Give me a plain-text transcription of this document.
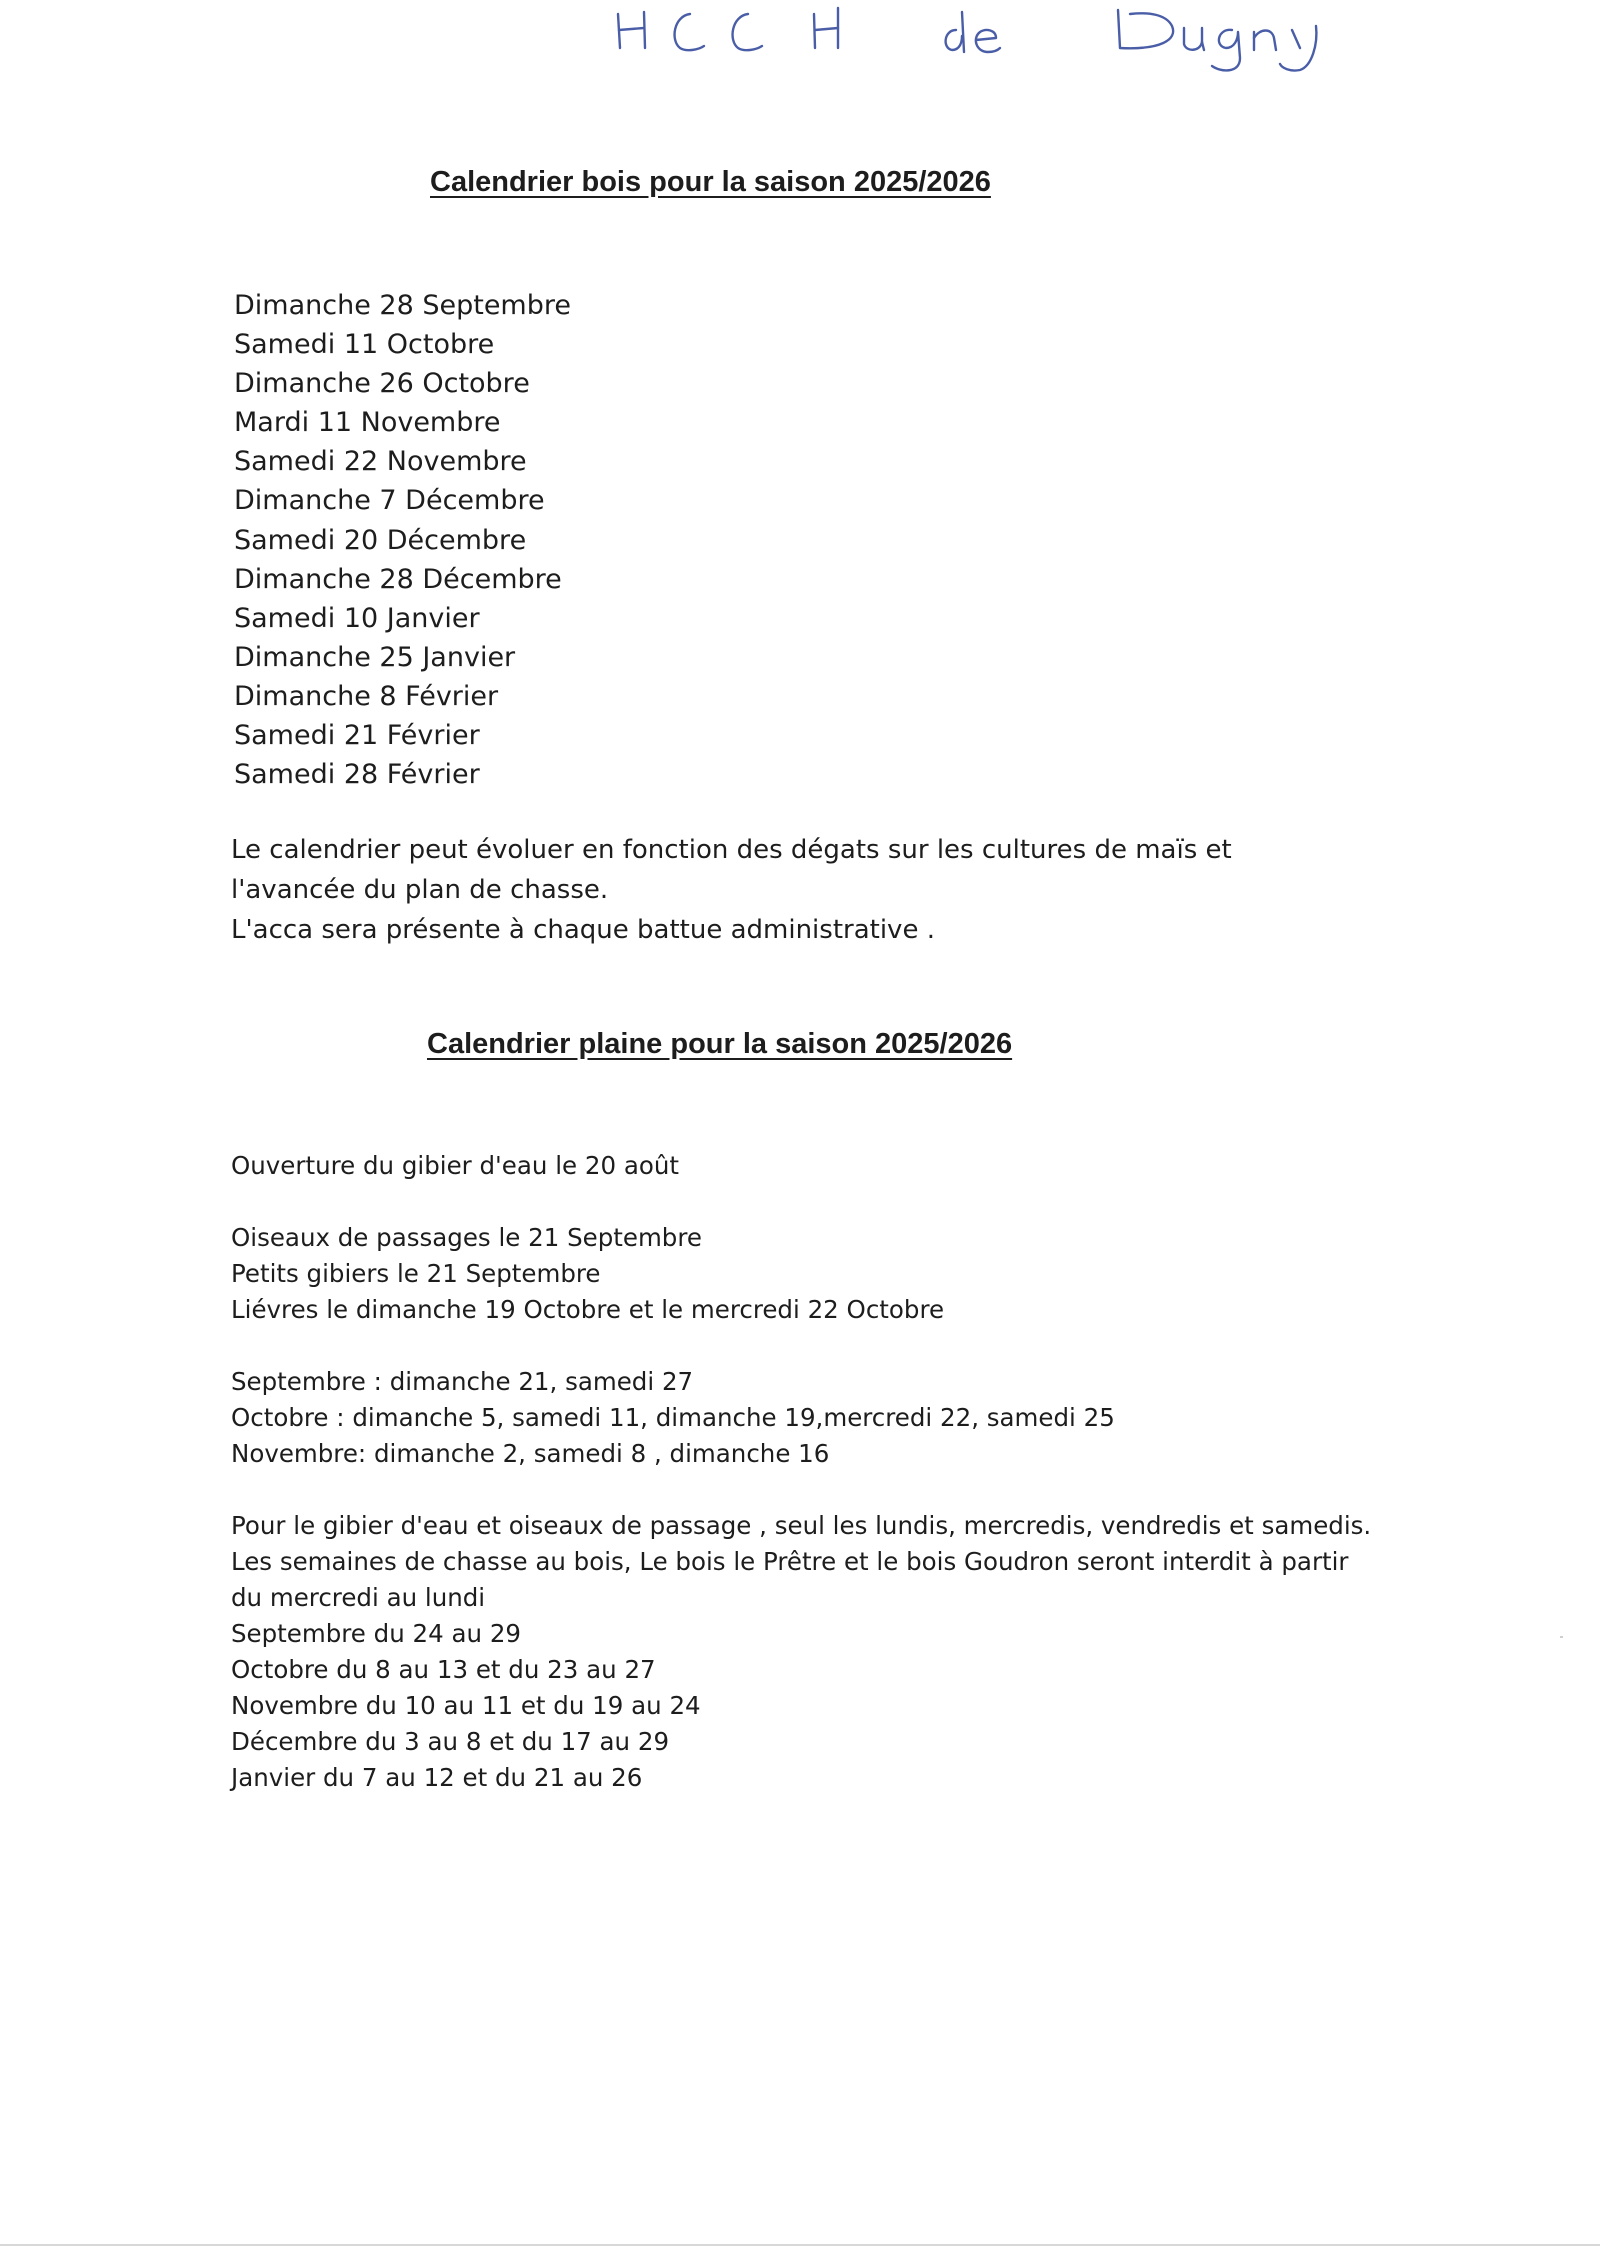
Calendrier bois pour la saison 2025/2026
Dimanche 28 Septembre
Samedi 11 Octobre
Dimanche 26 Octobre
Mardi 11 Novembre
Samedi 22 Novembre
Dimanche 7 Décembre
Samedi 20 Décembre
Dimanche 28 Décembre
Samedi 10 Janvier
Dimanche 25 Janvier
Dimanche 8 Février
Samedi 21 Février
Samedi 28 Février
Le calendrier peut évoluer en fonction des dégats sur les cultures de maïs et
l'avancée du plan de chasse.
L'acca sera présente à chaque battue administrative .
Calendrier plaine pour la saison 2025/2026
Ouverture du gibier d'eau le 20 août
Oiseaux de passages le 21 Septembre
Petits gibiers le 21 Septembre
Liévres le dimanche 19 Octobre et le mercredi 22 Octobre
Septembre : dimanche 21, samedi 27
Octobre : dimanche 5, samedi 11, dimanche 19,mercredi 22, samedi 25
Novembre: dimanche 2, samedi 8 , dimanche 16
Pour le gibier d'eau et oiseaux de passage , seul les lundis, mercredis, vendredis et samedis.
Les semaines de chasse au bois, Le bois le Prêtre et le bois Goudron seront interdit à partir
du mercredi au lundi
Septembre du 24 au 29
Octobre du 8 au 13 et du 23 au 27
Novembre du 10 au 11 et du 19 au 24
Décembre du 3 au 8 et du 17 au 29
Janvier du 7 au 12 et du 21 au 26
